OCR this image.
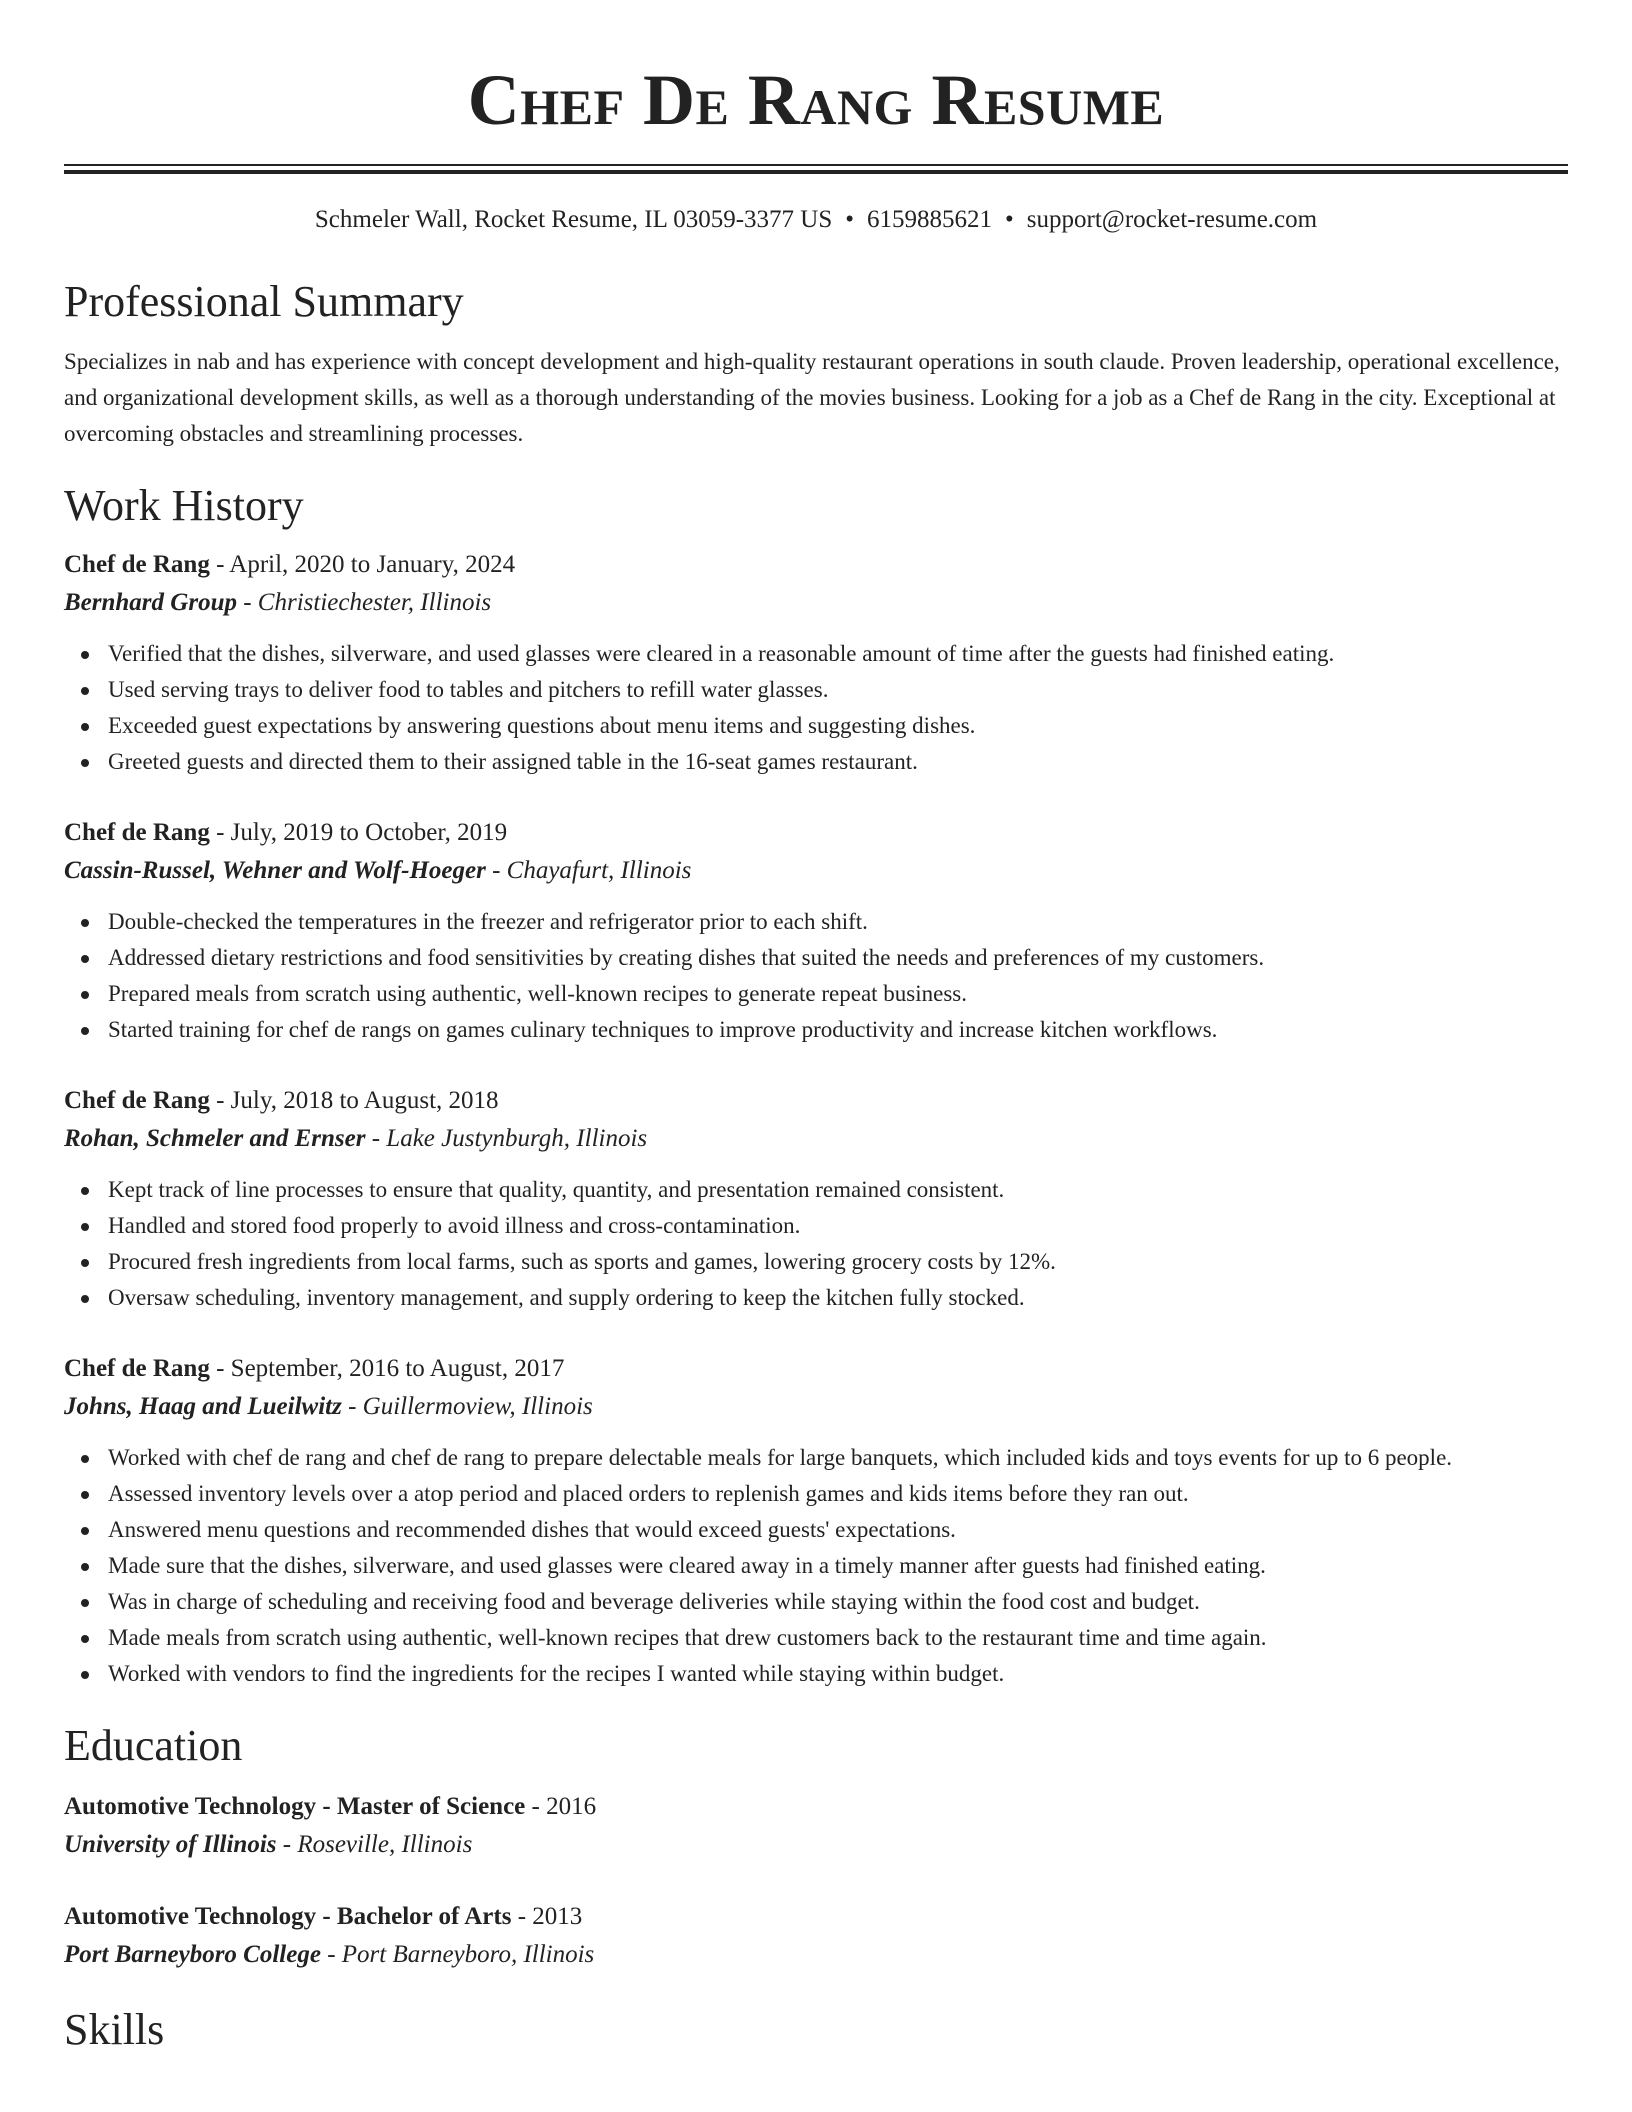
Chef De Rang Resume
Schmeler Wall, Rocket Resume, IL 03059-3377 US • 6159885621 • support@rocket-resume.com
Professional Summary

Specializes in nab and has experience with concept development and high-quality restaurant operations in south claude. Proven leadership, operational excellence, and organizational development skills, as well as a thorough understanding of the movies business. Looking for a job as a Chef de Rang in the city. Exceptional at overcoming obstacles and streamlining processes.

Work History
Chef de Rang - April, 2020 to January, 2024
Bernhard Group - Christiechester, Illinois
Verified that the dishes, silverware, and used glasses were cleared in a reasonable amount of time after the guests had finished eating.
Used serving trays to deliver food to tables and pitchers to refill water glasses.
Exceeded guest expectations by answering questions about menu items and suggesting dishes.
Greeted guests and directed them to their assigned table in the 16-seat games restaurant.
Chef de Rang - July, 2019 to October, 2019
Cassin-Russel, Wehner and Wolf-Hoeger - Chayafurt, Illinois
Double-checked the temperatures in the freezer and refrigerator prior to each shift.
Addressed dietary restrictions and food sensitivities by creating dishes that suited the needs and preferences of my customers.
Prepared meals from scratch using authentic, well-known recipes to generate repeat business.
Started training for chef de rangs on games culinary techniques to improve productivity and increase kitchen workflows.
Chef de Rang - July, 2018 to August, 2018
Rohan, Schmeler and Ernser - Lake Justynburgh, Illinois
Kept track of line processes to ensure that quality, quantity, and presentation remained consistent.
Handled and stored food properly to avoid illness and cross-contamination.
Procured fresh ingredients from local farms, such as sports and games, lowering grocery costs by 12%.
Oversaw scheduling, inventory management, and supply ordering to keep the kitchen fully stocked.
Chef de Rang - September, 2016 to August, 2017
Johns, Haag and Lueilwitz - Guillermoview, Illinois
Worked with chef de rang and chef de rang to prepare delectable meals for large banquets, which included kids and toys events for up to 6 people.
Assessed inventory levels over a atop period and placed orders to replenish games and kids items before they ran out.
Answered menu questions and recommended dishes that would exceed guests' expectations.
Made sure that the dishes, silverware, and used glasses were cleared away in a timely manner after guests had finished eating.
Was in charge of scheduling and receiving food and beverage deliveries while staying within the food cost and budget.
Made meals from scratch using authentic, well-known recipes that drew customers back to the restaurant time and time again.
Worked with vendors to find the ingredients for the recipes I wanted while staying within budget.
Education
Automotive Technology - Master of Science - 2016
University of Illinois - Roseville, Illinois
Automotive Technology - Bachelor of Arts - 2013
Port Barneyboro College - Port Barneyboro, Illinois
Skills
